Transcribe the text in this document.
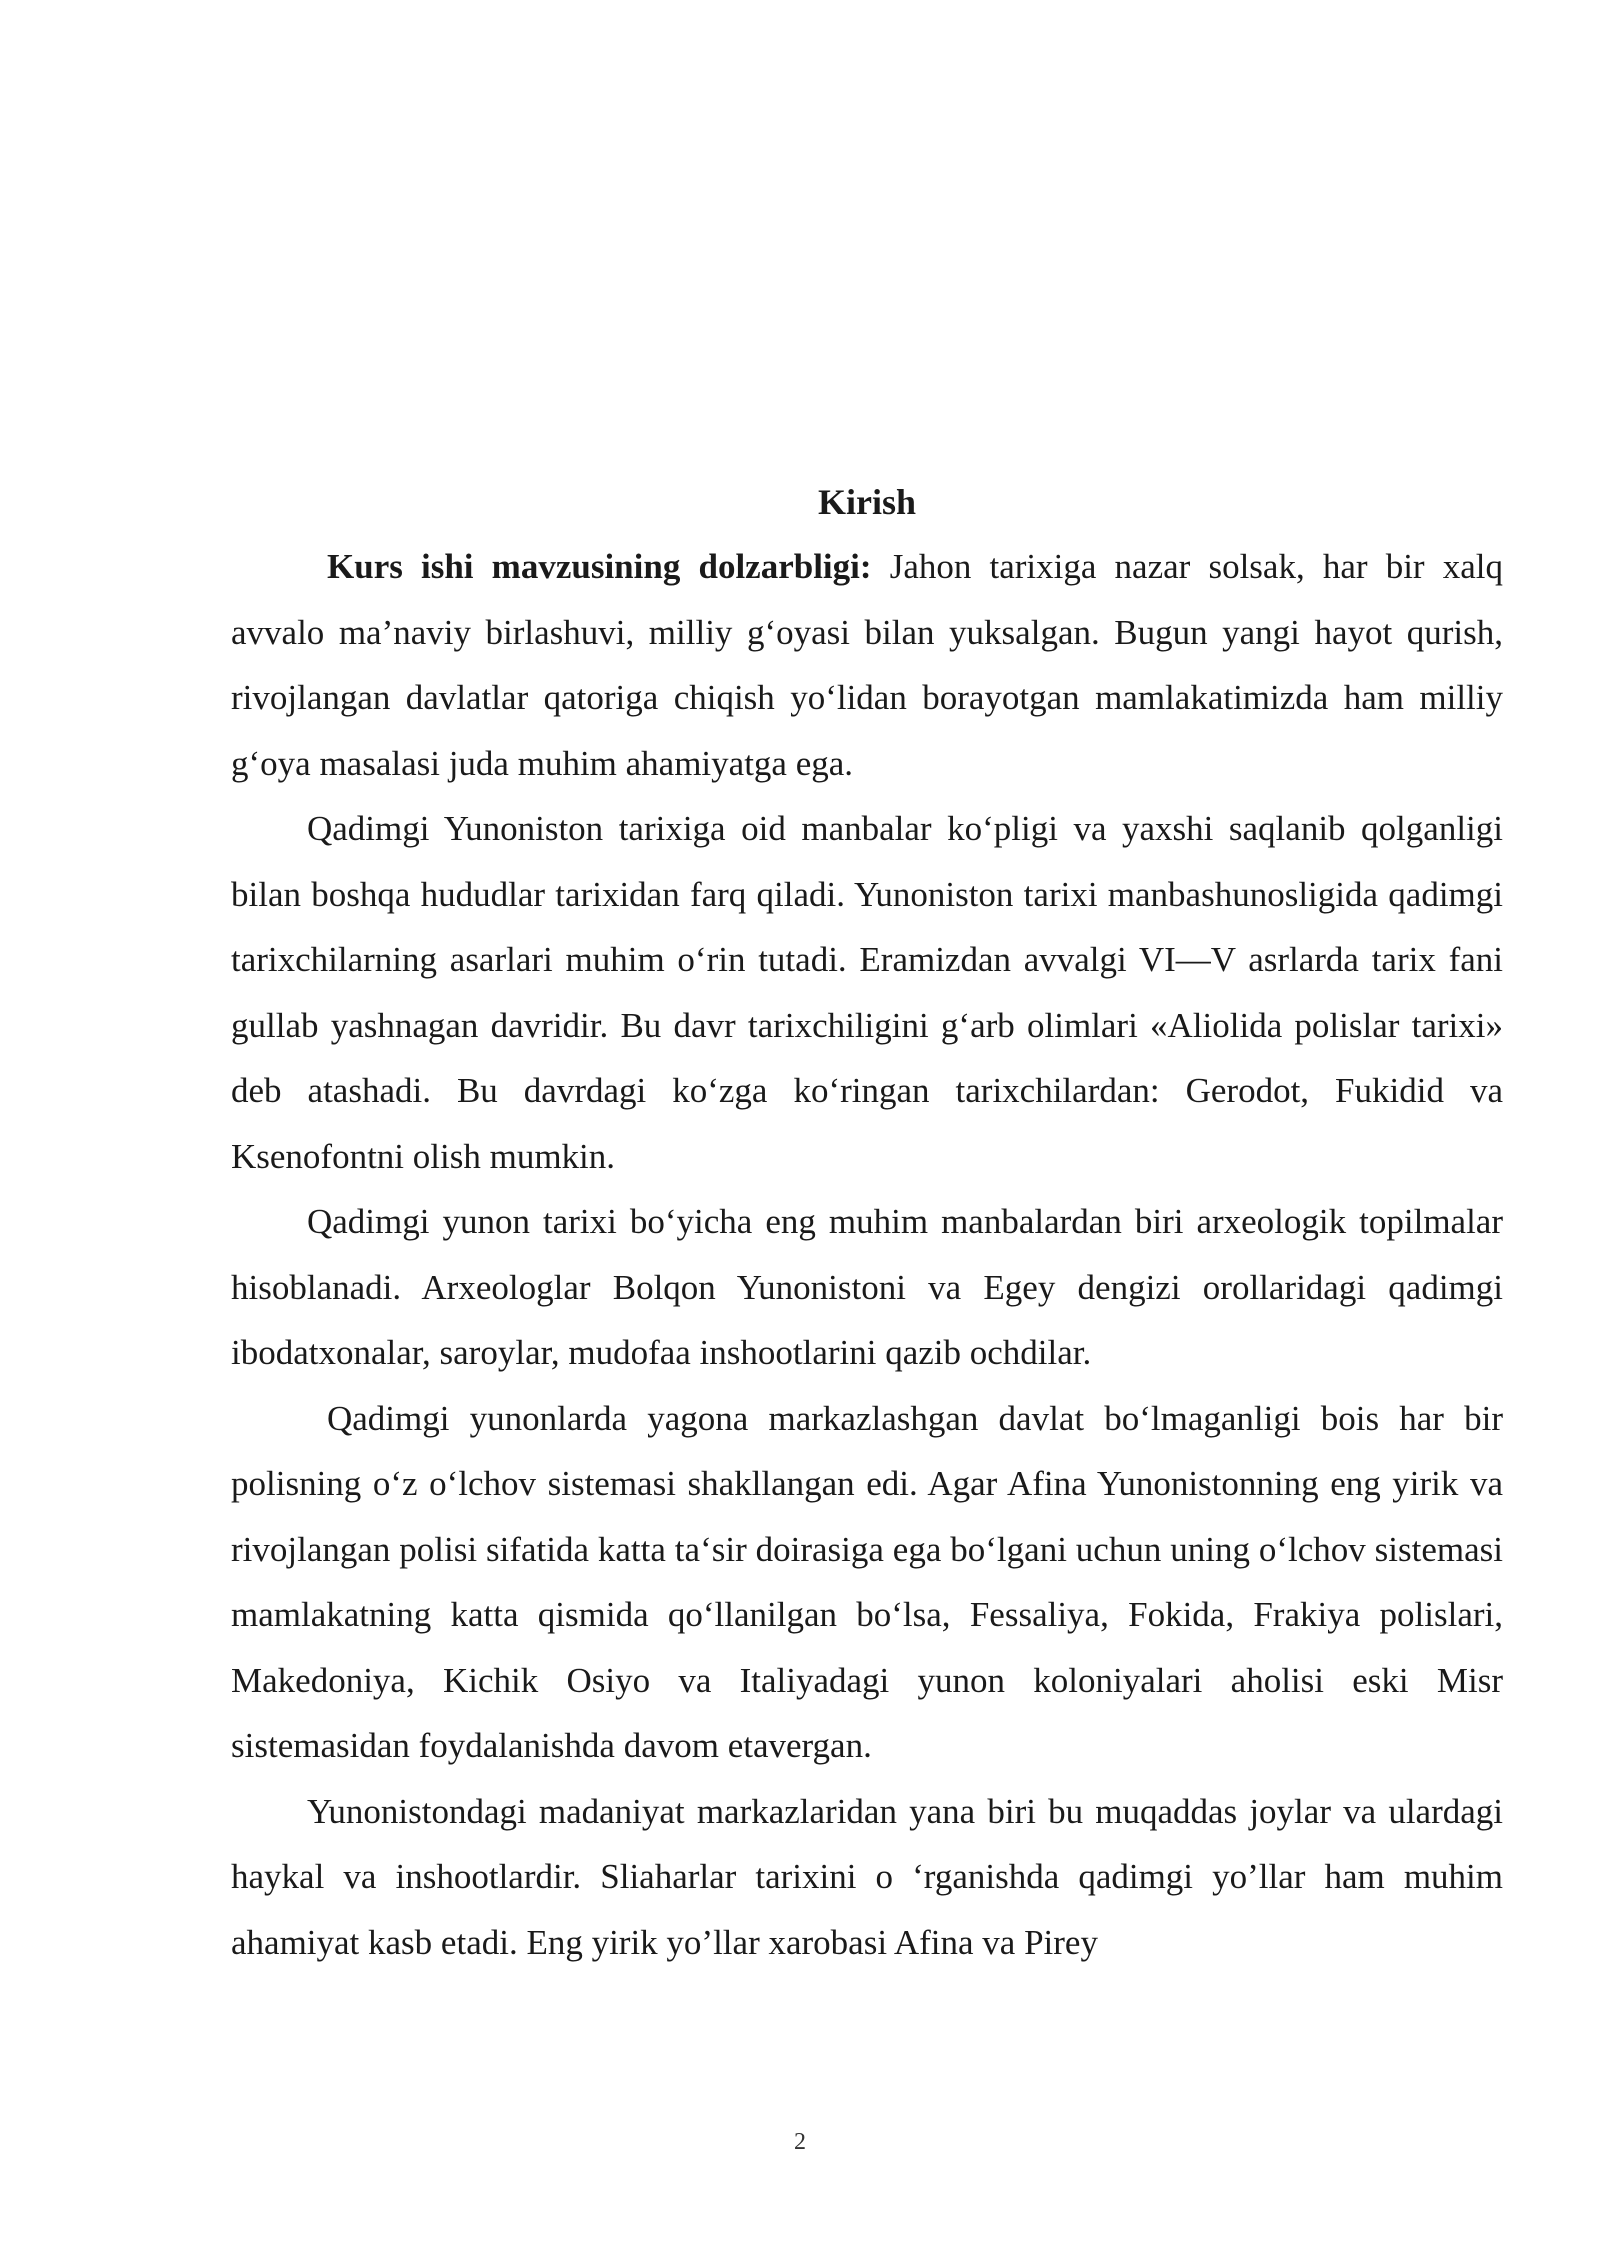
Kirish

Kurs ishi mavzusining dolzarbligi: Jahon tarixiga nazar solsak, har bir xalq avvalo ma’naviy birlashuvi, milliy g‘oyasi bilan yuksalgan. Bugun yangi hayot qurish, rivojlangan davlatlar qatoriga chiqish yo‘lidan borayotgan mamlakatimizda ham milliy g‘oya masalasi juda muhim ahamiyatga ega.

Qadimgi Yunoniston tarixiga oid manbalar ko‘pligi va yaxshi saqlanib qolganligi bilan boshqa hududlar tarixidan farq qiladi. Yunoniston tarixi manbashunosligida qadimgi tarixchilarning asarlari muhim o‘rin tutadi. Eramizdan avvalgi VI—V asrlarda tarix fani gullab yashnagan davridir. Bu davr tarixchiligini g‘arb olimlari «Aliolida polislar tarixi» deb atashadi. Bu davrdagi ko‘zga ko‘ringan tarixchilardan: Gerodot, Fukidid va Ksenofontni olish mumkin.

Qadimgi yunon tarixi bo‘yicha eng muhim manbalardan biri arxeologik topilmalar hisoblanadi. Arxeologlar Bolqon Yunonistoni va Egey dengizi orollaridagi qadimgi ibodatxonalar, saroylar, mudofaa inshootlarini qazib ochdilar.

Qadimgi yunonlarda yagona markazlashgan davlat bo‘lmaganligi bois har bir polisning o‘z o‘lchov sistemasi shakllangan edi. Agar Afina Yunonistonning eng yirik va rivojlangan polisi sifatida katta ta‘sir doirasiga ega bo‘lgani uchun uning o‘lchov sistemasi mamlakatning katta qismida qo‘llanilgan bo‘lsa, Fessaliya, Fokida, Frakiya polislari, Makedoniya, Kichik Osiyo va Italiyadagi yunon koloniyalari aholisi eski Misr sistemasidan foydalanishda davom etavergan.

Yunonistondagi madaniyat markazlaridan yana biri bu muqaddas joylar va ulardagi haykal va inshootlardir. Sliaharlar tarixini o ‘rganishda qadimgi yo’llar ham muhim ahamiyat kasb etadi. Eng yirik yo’llar xarobasi Afina va Pirey

2
